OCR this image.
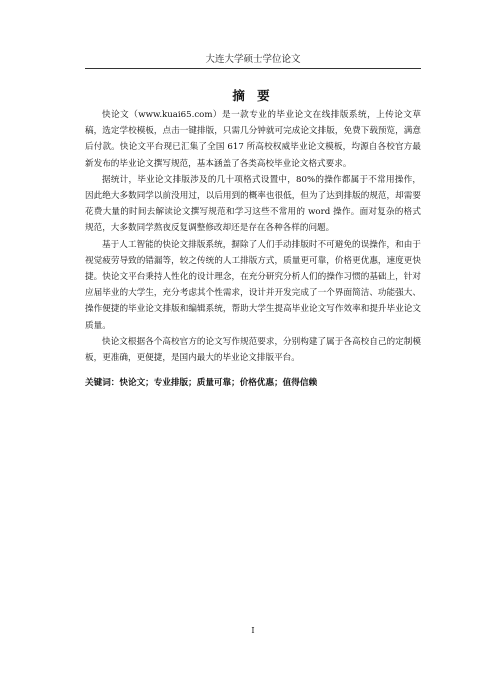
大连大学硕士学位论文
摘 要

快论文（www.kuai65.com）是一款专业的毕业论文在线排版系统，上传论文草稿，选定学校模板，点击一键排版，只需几分钟就可完成论文排版，免费下载预览，满意后付款。快论文平台现已汇集了全国 617 所高校权威毕业论文模板，均源自各校官方最新发布的毕业论文撰写规范，基本涵盖了各类高校毕业论文格式要求。

据统计，毕业论文排版涉及的几十项格式设置中，80%的操作都属于不常用操作，因此绝大多数同学以前没用过，以后用到的概率也很低，但为了达到排版的规范，却需要花费大量的时间去解读论文撰写规范和学习这些不常用的 word 操作。面对复杂的格式规范，大多数同学熬夜反复调整修改却还是存在各种各样的问题。

基于人工智能的快论文排版系统，摒除了人们手动排版时不可避免的误操作，和由于视觉疲劳导致的错漏等，较之传统的人工排版方式，质量更可靠，价格更优惠，速度更快捷。快论文平台秉持人性化的设计理念，在充分研究分析人们的操作习惯的基础上，针对应届毕业的大学生，充分考虑其个性需求，设计并开发完成了一个界面简洁、功能强大、操作便捷的毕业论文排版和编辑系统，帮助大学生提高毕业论文写作效率和提升毕业论文质量。

快论文根据各个高校官方的论文写作规范要求，分别构建了属于各高校自己的定制模板，更准确，更便捷，是国内最大的毕业论文排版平台。

关键词：快论文；专业排版；质量可靠；价格优惠；值得信赖

I
